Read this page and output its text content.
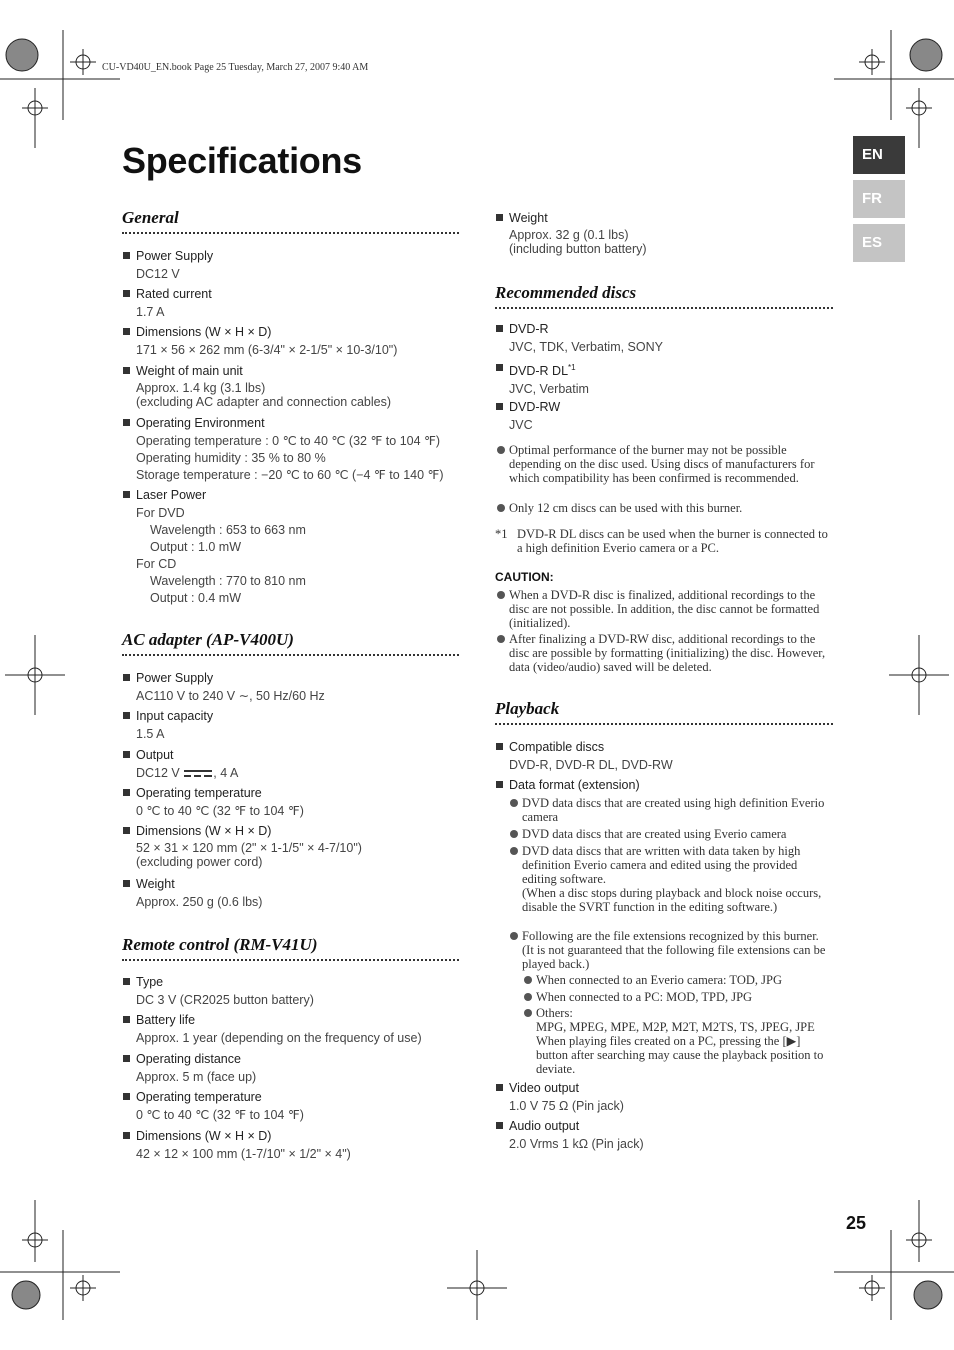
CU-VD40U_EN.book Page 25 Tuesday, March 27, 2007 9:40 AM
Specifications	EN
FR
ES
General
Power Supply
DC12 V
Rated current
1.7 A
Dimensions (W × H × D)
171 × 56 × 262 mm (6-3/4" × 2-1/5" × 10-3/10")
Weight of main unit
Approx. 1.4 kg (3.1 lbs)
(excluding AC adapter and connection cables)
Operating Environment
Operating temperature : 0 ℃ to 40 ℃ (32 ℉ to 104 ℉)
Operating humidity : 35 % to 80 %
Storage temperature : −20 ℃ to 60 ℃ (−4 ℉ to 140 ℉)
Laser Power
For DVD
Wavelength : 653 to 663 nm
Output : 1.0 mW
For CD
Wavelength : 770 to 810 nm
Output : 0.4 mW
AC adapter (AP-V400U)
Power Supply
AC110 V to 240 V ∼, 50 Hz/60 Hz
Input capacity
1.5 A
Output
DC12 V	, 4 A
Operating temperature
0 ℃ to 40 ℃ (32 ℉ to 104 ℉)
Dimensions (W × H × D)
52 × 31 × 120 mm (2" × 1-1/5" × 4-7/10")
(excluding power cord)
Weight
Approx. 250 g (0.6 lbs)
Remote control (RM-V41U)
Type
DC 3 V (CR2025 button battery)
Battery life
Approx. 1 year (depending on the frequency of use)
Operating distance
Approx. 5 m (face up)
Operating temperature
0 ℃ to 40 ℃ (32 ℉ to 104 ℉)
Dimensions (W × H × D)
42 × 12 × 100 mm (1-7/10" × 1/2" × 4")
Weight
Approx. 32 g (0.1 lbs)
(including button battery)
Recommended discs
DVD-R
JVC, TDK, Verbatim, SONY
DVD-R DL$^{*1}$
JVC, Verbatim
DVD-RW
JVC
Optimal performance of the burner may not be possible depending on the disc used. Using discs of manufacturers for which compatibility has been confirmed is recommended.
Only 12 cm discs can be used with this burner.
*1 DVD-R DL discs can be used when the burner is connected to a high definition Everio camera or a PC.
CAUTION:
When a DVD-R disc is finalized, additional recordings to the disc are not possible. In addition, the disc cannot be formatted (initialized).
After finalizing a DVD-RW disc, additional recordings to the disc are possible by formatting (initializing) the disc. However, data (video/audio) saved will be deleted.
Playback
Compatible discs
DVD-R, DVD-R DL, DVD-RW
Data format (extension)
DVD data discs that are created using high definition Everio camera
DVD data discs that are created using Everio camera
DVD data discs that are written with data taken by high definition Everio camera and edited using the provided editing software.
(When a disc stops during playback and block noise occurs, disable the SVRT function in the editing software.)
Following are the file extensions recognized by this burner. (It is not guaranteed that the following file extensions can be played back.)
When connected to an Everio camera: TOD, JPG
When connected to a PC: MOD, TPD, JPG
Others:
MPG, MPEG, MPE, M2P, M2T, M2TS, TS, JPEG, JPE
When playing files created on a PC, pressing the [▶] button after searching may cause the playback position to deviate.
Video output
1.0 V 75 Ω (Pin jack)
Audio output
2.0 Vrms 1 kΩ (Pin jack)
25
